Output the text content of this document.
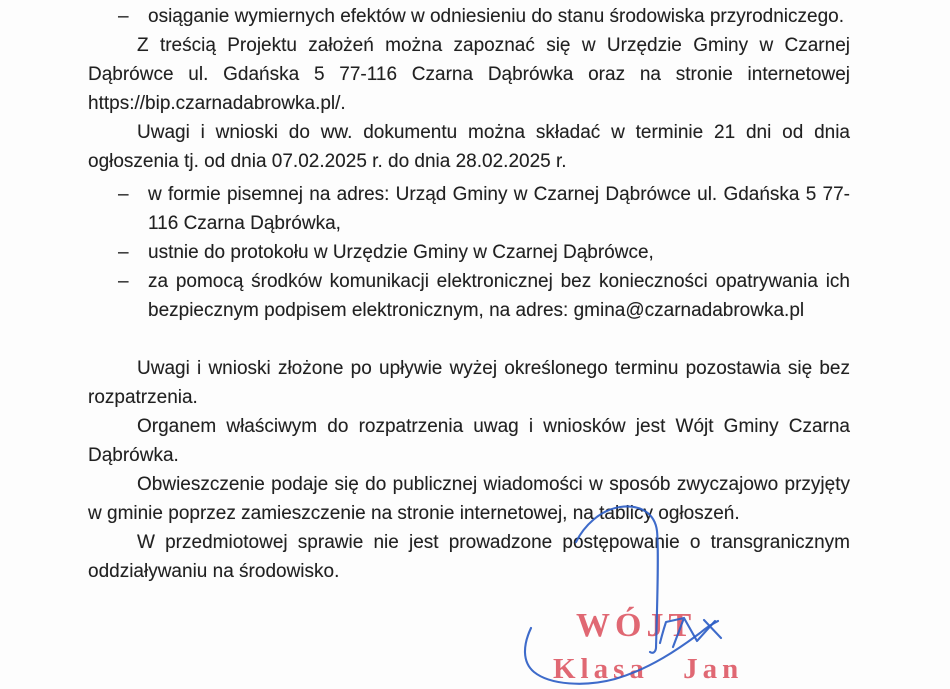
– osiąganie wymiernych efektów w odniesieniu do stanu środowiska przyrodniczego.

Z treścią Projektu założeń można zapoznać się w Urzędzie Gminy w Czarnej Dąbrówce ul. Gdańska 5 77-116 Czarna Dąbrówka oraz na stronie internetowej https://bip.czarnadabrowka.pl/.

Uwagi i wnioski do ww. dokumentu można składać w terminie 21 dni od dnia ogłoszenia tj. od dnia 07.02.2025 r. do dnia 28.02.2025 r.

– w formie pisemnej na adres: Urząd Gminy w Czarnej Dąbrówce ul. Gdańska 5 77-116 Czarna Dąbrówka,
– ustnie do protokołu w Urzędzie Gminy w Czarnej Dąbrówce,
– za pomocą środków komunikacji elektronicznej bez konieczności opatrywania ich bezpiecznym podpisem elektronicznym, na adres: gmina@czarnadabrowka.pl

Uwagi i wnioski złożone po upływie wyżej określonego terminu pozostawia się bez rozpatrzenia.

Organem właściwym do rozpatrzenia uwag i wniosków jest Wójt Gminy Czarna Dąbrówka.

Obwieszczenie podaje się do publicznej wiadomości w sposób zwyczajowo przyjęty w gminie poprzez zamieszczenie na stronie internetowej, na tablicy ogłoszeń.

W przedmiotowej sprawie nie jest prowadzone postępowanie o transgranicznym oddziaływaniu na środowisko.

WÓJT
Klasa Jan
